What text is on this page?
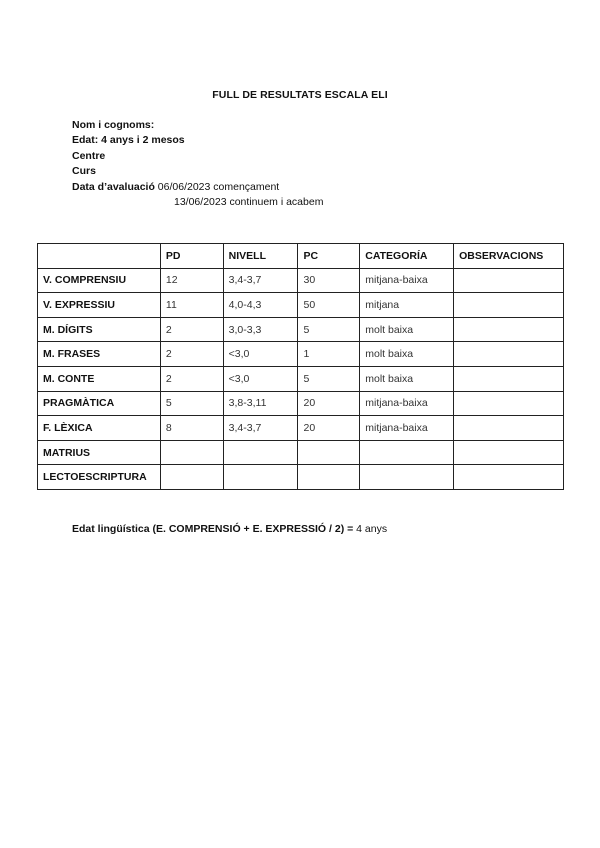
FULL DE RESULTATS ESCALA ELI
Nom i cognoms:
Edat: 4 anys i 2 mesos
Centre
Curs
Data d’avaluació 06/06/2023 començament
13/06/2023 continuem i acabem
	PD	NIVELL	PC	CATEGORÍA	OBSERVACIONS
V. COMPRENSIU	12	3,4-3,7	30	mitjana-baixa	
V. EXPRESSIU	11	4,0-4,3	50	mitjana	
M. DÍGITS	2	3,0-3,3	5	molt baixa	
M. FRASES	2	<3,0	1	molt baixa	
M. CONTE	2	<3,0	5	molt baixa	
PRAGMÀTICA	5	3,8-3,11	20	mitjana-baixa	
F. LÈXICA	8	3,4-3,7	20	mitjana-baixa	
MATRIUS					
LECTOESCRIPTURA					
Edat lingüística (E. COMPRENSIÓ + E. EXPRESSIÓ / 2) = 4 anys
